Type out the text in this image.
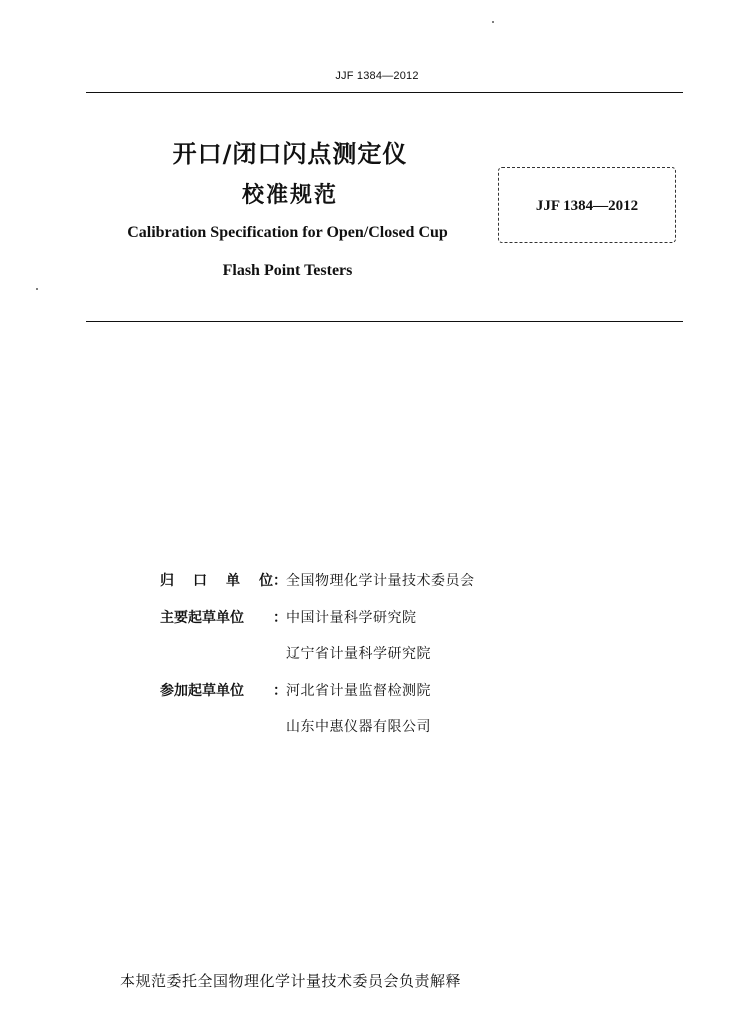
JJF 1384—2012
开口/闭口闪点测定仪
校准规范
Calibration Specification for Open/Closed Cup
Flash Point Testers
JJF 1384—2012
归 口 单 位 ： 全国物理化学计量技术委员会
主要起草单位	： 中国计量科学研究院
辽宁省计量科学研究院
参加起草单位	： 河北省计量监督检测院
山东中惠仪器有限公司
本规范委托全国物理化学计量技术委员会负责解释
